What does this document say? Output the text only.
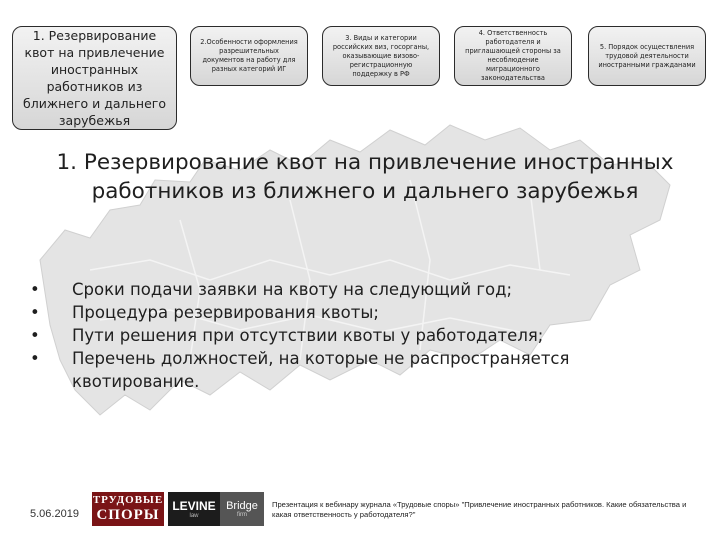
1. Резервирование квот на привлечение иностранных работников из ближнего и дальнего зарубежья
2.Особенности оформления разрешительных документов на работу для разных категорий ИГ
3. Виды и категории российских виз, госорганы, оказывающие визово-регистрационную поддержку в РФ
4. Ответственность работодателя и приглашающей стороны за несоблюдение миграционного законодательства
5. Порядок осуществления трудовой деятельности иностранными гражданами
1. Резервирование квот на привлечение иностранных работников из ближнего и дальнего зарубежья
• Сроки подачи заявки на квоту на следующий год;
• Процедура резервирования квоты;
• Пути решения при отсутствии квоты у работодателя;
• Перечень должностей, на которые не распространяется квотирование.
5.06.2019
ТРУДОВЫЕ
СПОРЫ
LEVINE
law
Bridge
firm
Презентация к вебинару журнала «Трудовые споры» "Привлечение иностранных работников. Какие обязательства и какая ответственность у работодателя?"
